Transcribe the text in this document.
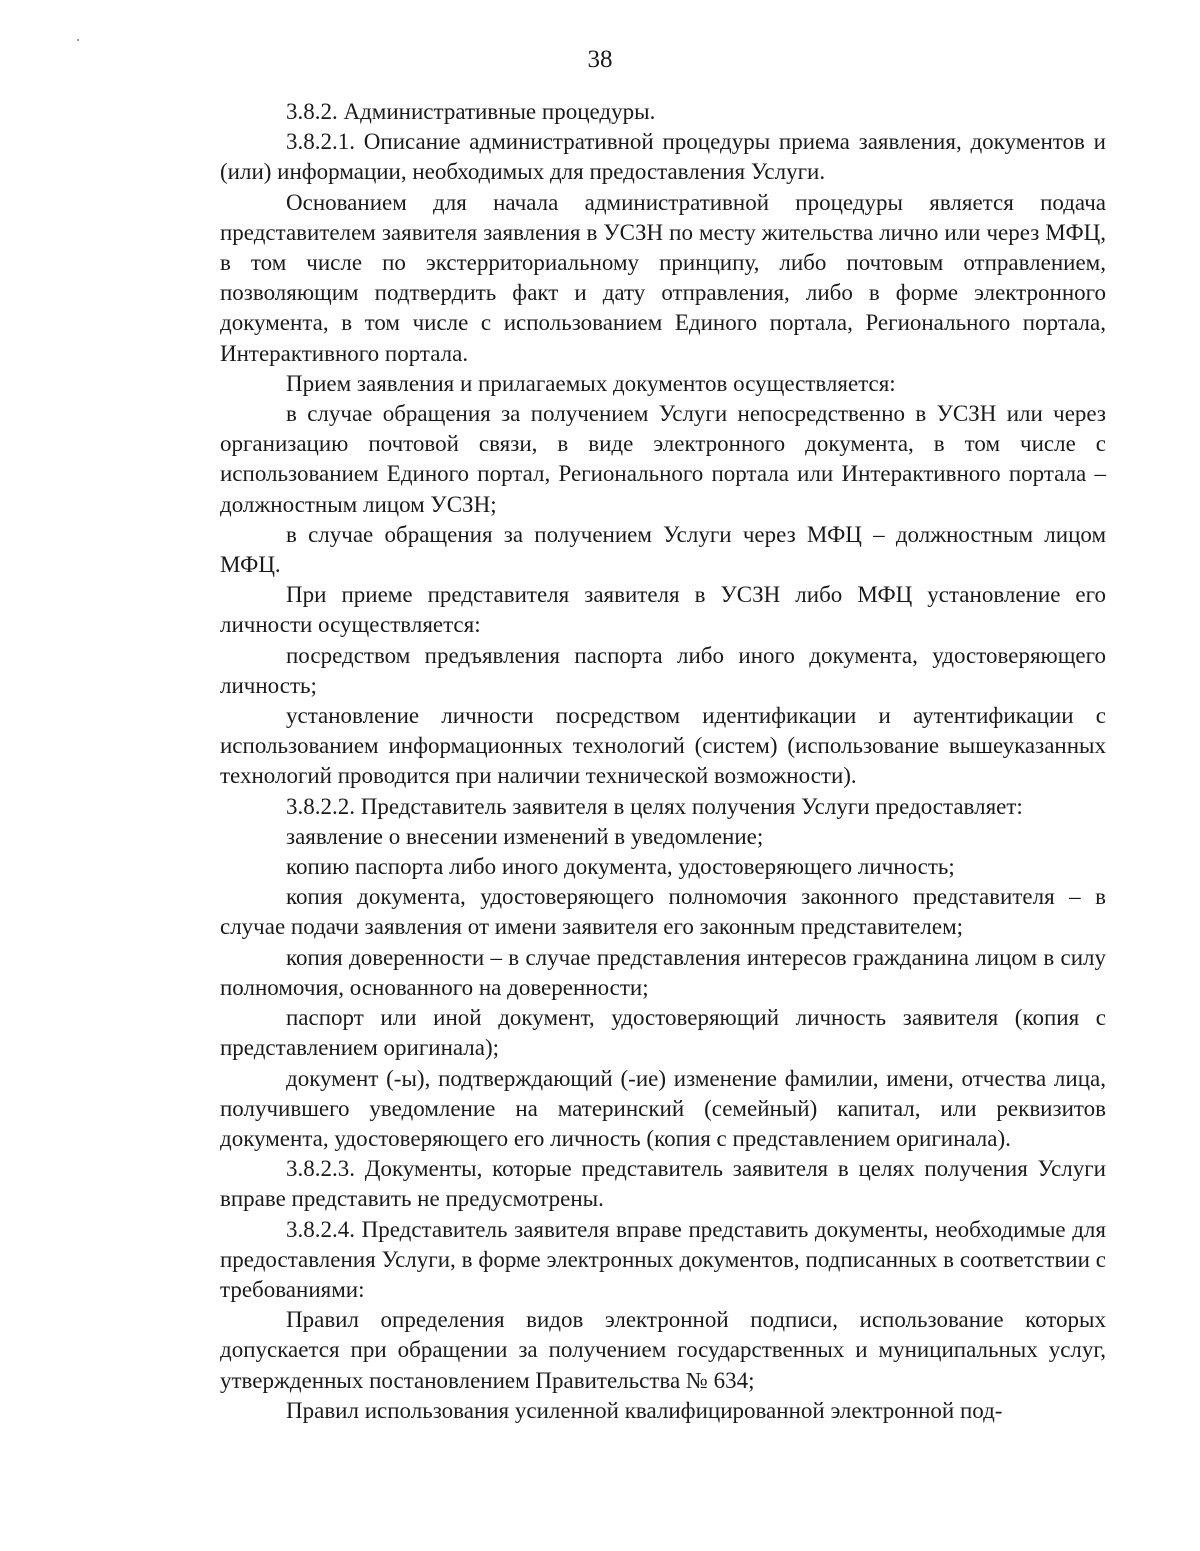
38

3.8.2. Административные процедуры.

3.8.2.1. Описание административной процедуры приема заявления, документов и (или) информации, необходимых для предоставления Услуги.

Основанием для начала административной процедуры является подача представителем заявителя заявления в УСЗН по месту жительства лично или через МФЦ, в том числе по экстерриториальному принципу, либо почтовым отправлением, позволяющим подтвердить факт и дату отправления, либо в форме электронного документа, в том числе с использованием Единого портала, Регионального портала, Интерактивного портала.

Прием заявления и прилагаемых документов осуществляется:

в случае обращения за получением Услуги непосредственно в УСЗН или через организацию почтовой связи, в виде электронного документа, в том числе с использованием Единого портал, Регионального портала или Интерактивного портала – должностным лицом УСЗН;

в случае обращения за получением Услуги через МФЦ – должностным лицом МФЦ.

При приеме представителя заявителя в УСЗН либо МФЦ установление его личности осуществляется:

посредством предъявления паспорта либо иного документа, удостоверяющего личность;

установление личности посредством идентификации и аутентификации с использованием информационных технологий (систем) (использование вышеуказанных технологий проводится при наличии технической возможности).

3.8.2.2. Представитель заявителя в целях получения Услуги предоставляет:

заявление о внесении изменений в уведомление;

копию паспорта либо иного документа, удостоверяющего личность;

копия документа, удостоверяющего полномочия законного представителя – в случае подачи заявления от имени заявителя его законным представителем;

копия доверенности – в случае представления интересов гражданина лицом в силу полномочия, основанного на доверенности;

паспорт или иной документ, удостоверяющий личность заявителя (копия с представлением оригинала);

документ (-ы), подтверждающий (-ие) изменение фамилии, имени, отчества лица, получившего уведомление на материнский (семейный) капитал, или реквизитов документа, удостоверяющего его личность (копия с представлением оригинала).

3.8.2.3. Документы, которые представитель заявителя в целях получения Услуги вправе представить не предусмотрены.

3.8.2.4. Представитель заявителя вправе представить документы, необходимые для предоставления Услуги, в форме электронных документов, подписанных в соответствии с требованиями:

Правил определения видов электронной подписи, использование которых допускается при обращении за получением государственных и муниципальных услуг, утвержденных постановлением Правительства № 634;

Правил использования усиленной квалифицированной электронной под-
